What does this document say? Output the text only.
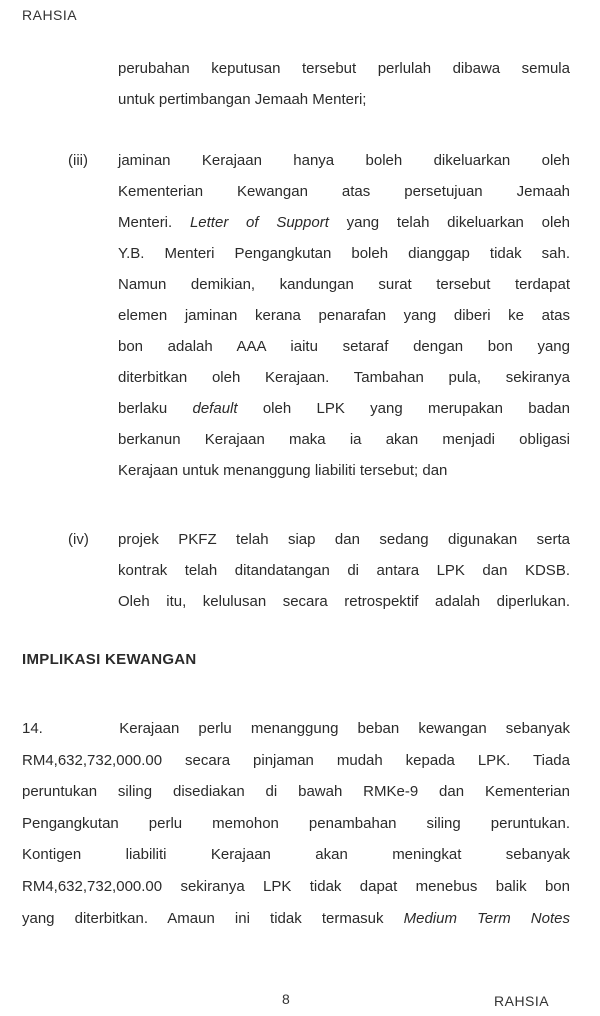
RAHSIA
perubahan keputusan tersebut perlulah dibawa semula
untuk pertimbangan Jemaah Menteri;
(iii) jaminan Kerajaan hanya boleh dikeluarkan oleh
Kementerian Kewangan atas persetujuan Jemaah
Menteri. Letter of Support yang telah dikeluarkan oleh
Y.B. Menteri Pengangkutan boleh dianggap tidak sah.
Namun demikian, kandungan surat tersebut terdapat
elemen jaminan kerana penarafan yang diberi ke atas
bon adalah AAA iaitu setaraf dengan bon yang
diterbitkan oleh Kerajaan. Tambahan pula, sekiranya
berlaku default oleh LPK yang merupakan badan
berkanun Kerajaan maka ia akan menjadi obligasi
Kerajaan untuk menanggung liabiliti tersebut; dan
(iv) projek PKFZ telah siap dan sedang digunakan serta
kontrak telah ditandatangan di antara LPK dan KDSB.
Oleh itu, kelulusan secara retrospektif adalah diperlukan.
IMPLIKASI KEWANGAN
14.	Kerajaan perlu menanggung beban kewangan sebanyak
RM4,632,732,000.00 secara pinjaman mudah kepada LPK. Tiada
peruntukan siling disediakan di bawah RMKe-9 dan Kementerian
Pengangkutan perlu memohon penambahan siling peruntukan.
Kontigen liabiliti Kerajaan akan meningkat sebanyak
RM4,632,732,000.00 sekiranya LPK tidak dapat menebus balik bon
yang diterbitkan. Amaun ini tidak termasuk Medium Term Notes
8	RAHSIA
